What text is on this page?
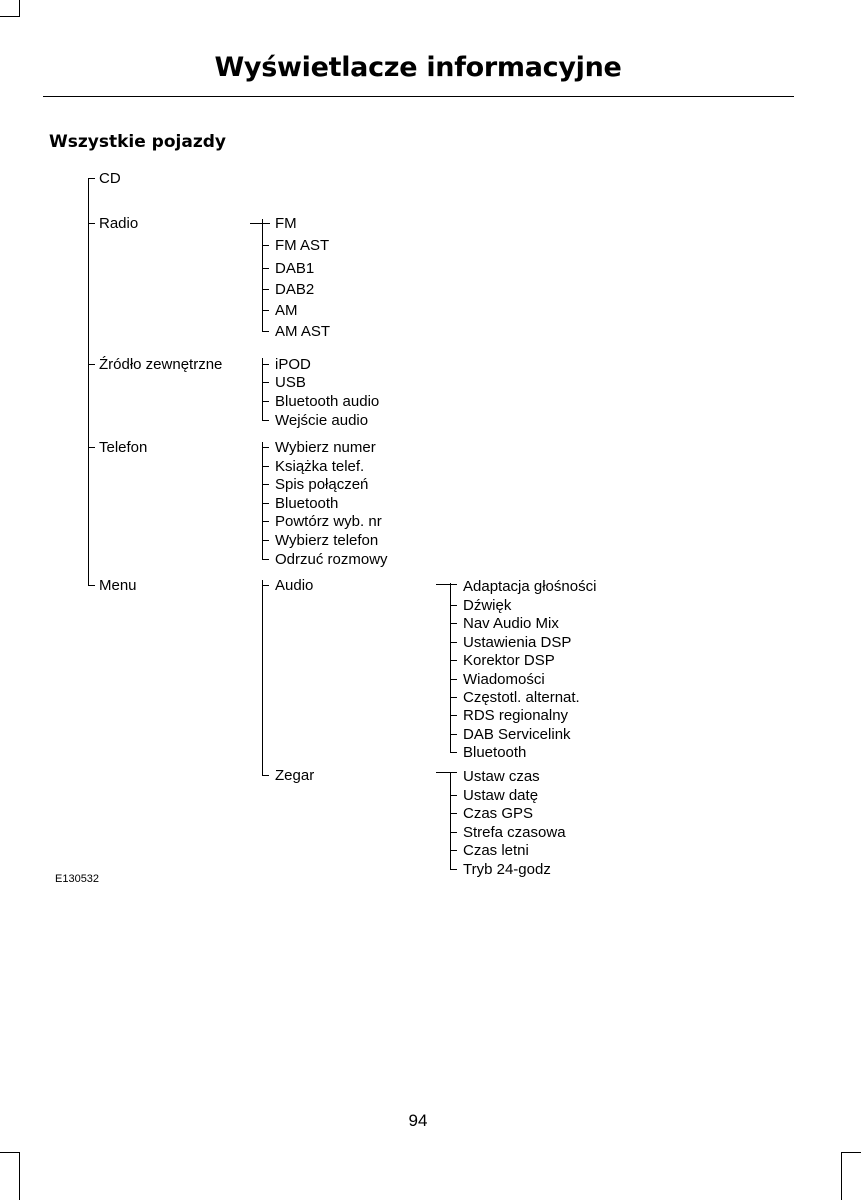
Wyświetlacze informacyjne
Wszystkie pojazdy
CD
Radio
Źródło zewnętrzne
Telefon
Menu
FM
FM AST
DAB1
DAB2
AM
AM AST
iPOD
USB
Bluetooth audio
Wejście audio
Wybierz numer
Książka telef.
Spis połączeń
Bluetooth
Powtórz wyb. nr
Wybierz telefon
Odrzuć rozmowy
Audio
Zegar
Adaptacja głośności
Dźwięk
Nav Audio Mix
Ustawienia DSP
Korektor DSP
Wiadomości
Częstotl. alternat.
RDS regionalny
DAB Servicelink
Bluetooth
Ustaw czas
Ustaw datę
Czas GPS
Strefa czasowa
Czas letni
Tryb 24-godz
E130532
94
